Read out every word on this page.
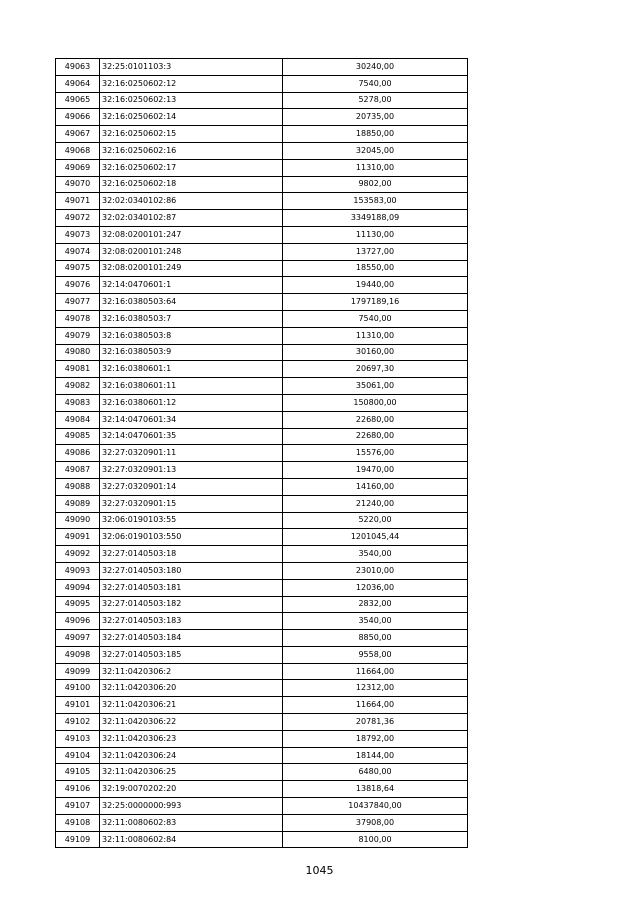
49063	32:25:0101103:3	30240,00
49064	32:16:0250602:12	7540,00
49065	32:16:0250602:13	5278,00
49066	32:16:0250602:14	20735,00
49067	32:16:0250602:15	18850,00
49068	32:16:0250602:16	32045,00
49069	32:16:0250602:17	11310,00
49070	32:16:0250602:18	9802,00
49071	32:02:0340102:86	153583,00
49072	32:02:0340102:87	3349188,09
49073	32:08:0200101:247	11130,00
49074	32:08:0200101:248	13727,00
49075	32:08:0200101:249	18550,00
49076	32:14:0470601:1	19440,00
49077	32:16:0380503:64	1797189,16
49078	32:16:0380503:7	7540,00
49079	32:16:0380503:8	11310,00
49080	32:16:0380503:9	30160,00
49081	32:16:0380601:1	20697,30
49082	32:16:0380601:11	35061,00
49083	32:16:0380601:12	150800,00
49084	32:14:0470601:34	22680,00
49085	32:14:0470601:35	22680,00
49086	32:27:0320901:11	15576,00
49087	32:27:0320901:13	19470,00
49088	32:27:0320901:14	14160,00
49089	32:27:0320901:15	21240,00
49090	32:06:0190103:55	5220,00
49091	32:06:0190103:550	1201045,44
49092	32:27:0140503:18	3540,00
49093	32:27:0140503:180	23010,00
49094	32:27:0140503:181	12036,00
49095	32:27:0140503:182	2832,00
49096	32:27:0140503:183	3540,00
49097	32:27:0140503:184	8850,00
49098	32:27:0140503:185	9558,00
49099	32:11:0420306:2	11664,00
49100	32:11:0420306:20	12312,00
49101	32:11:0420306:21	11664,00
49102	32:11:0420306:22	20781,36
49103	32:11:0420306:23	18792,00
49104	32:11:0420306:24	18144,00
49105	32:11:0420306:25	6480,00
49106	32:19:0070202:20	13818,64
49107	32:25:0000000:993	10437840,00
49108	32:11:0080602:83	37908,00
49109	32:11:0080602:84	8100,00
1045
